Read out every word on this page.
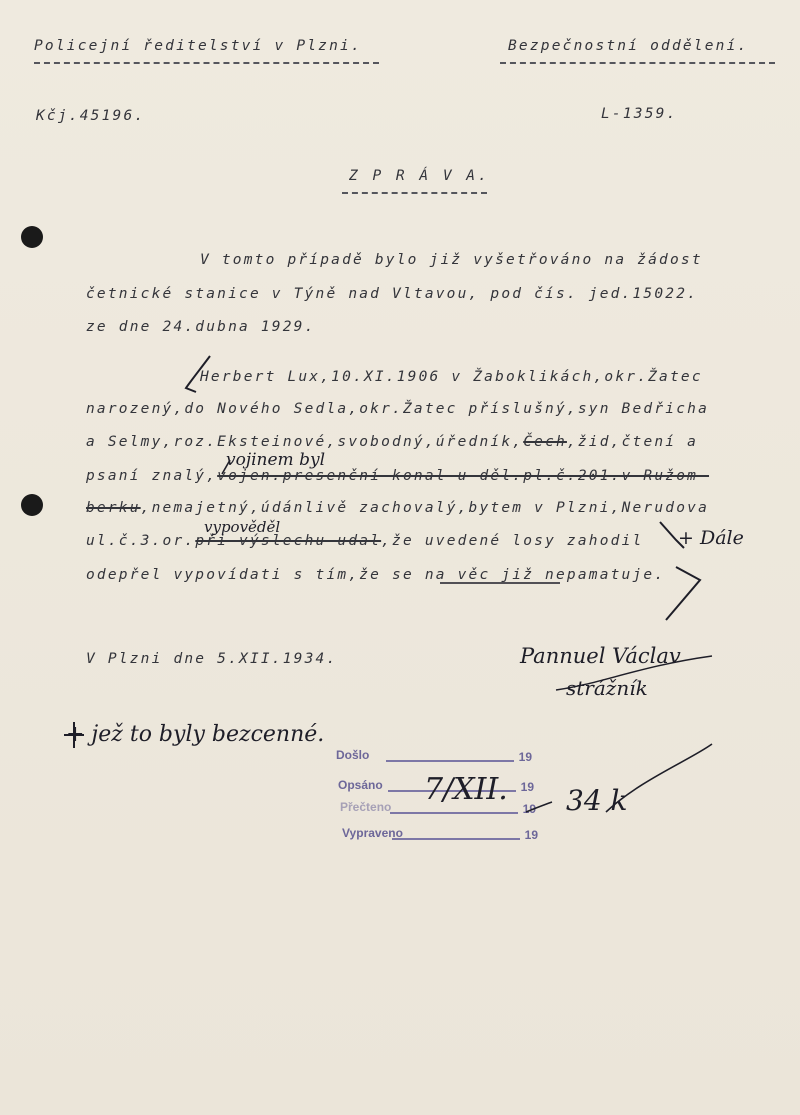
Policejní ředitelství v Plzni.	Bezpečnostní oddělení.
Kčj.45196.	L-1359.
Z P R Á V A.
V tomto případě bylo již vyšetřováno na žádost
četnické stanice v Týně nad Vltavou, pod čís. jed.15022.
ze dne 24.dubna 1929.
Herbert Lux,10.XI.1906 v Žaboklikách,okr.Žatec
narozený,do Nového Sedla,okr.Žatec příslušný,syn Bedřicha
a Selmy,roz.Eksteinové,svobodný,úředník,Čech,žid,čtení a
psaní znalý,vojen.presenční konal u děl.pl.č.201.v Ružom-
berku,nemajetný,údánlivě zachovalý,bytem v Plzni,Nerudova
ul.č.3.or.při výslechu udal,že uvedené losy zahodil
odepřel vypovídati s tím,že se na věc již nepamatuje.
vojinem byl
vypověděl	+ Dále
V Plzni dne 5.XII.1934.	Pannuel Václav
strážník
+ jež to byly bezcenné.
Došlo	19
Opsáno	19
Přečteno	19
Vypraveno	19
7/XII. 34 k
